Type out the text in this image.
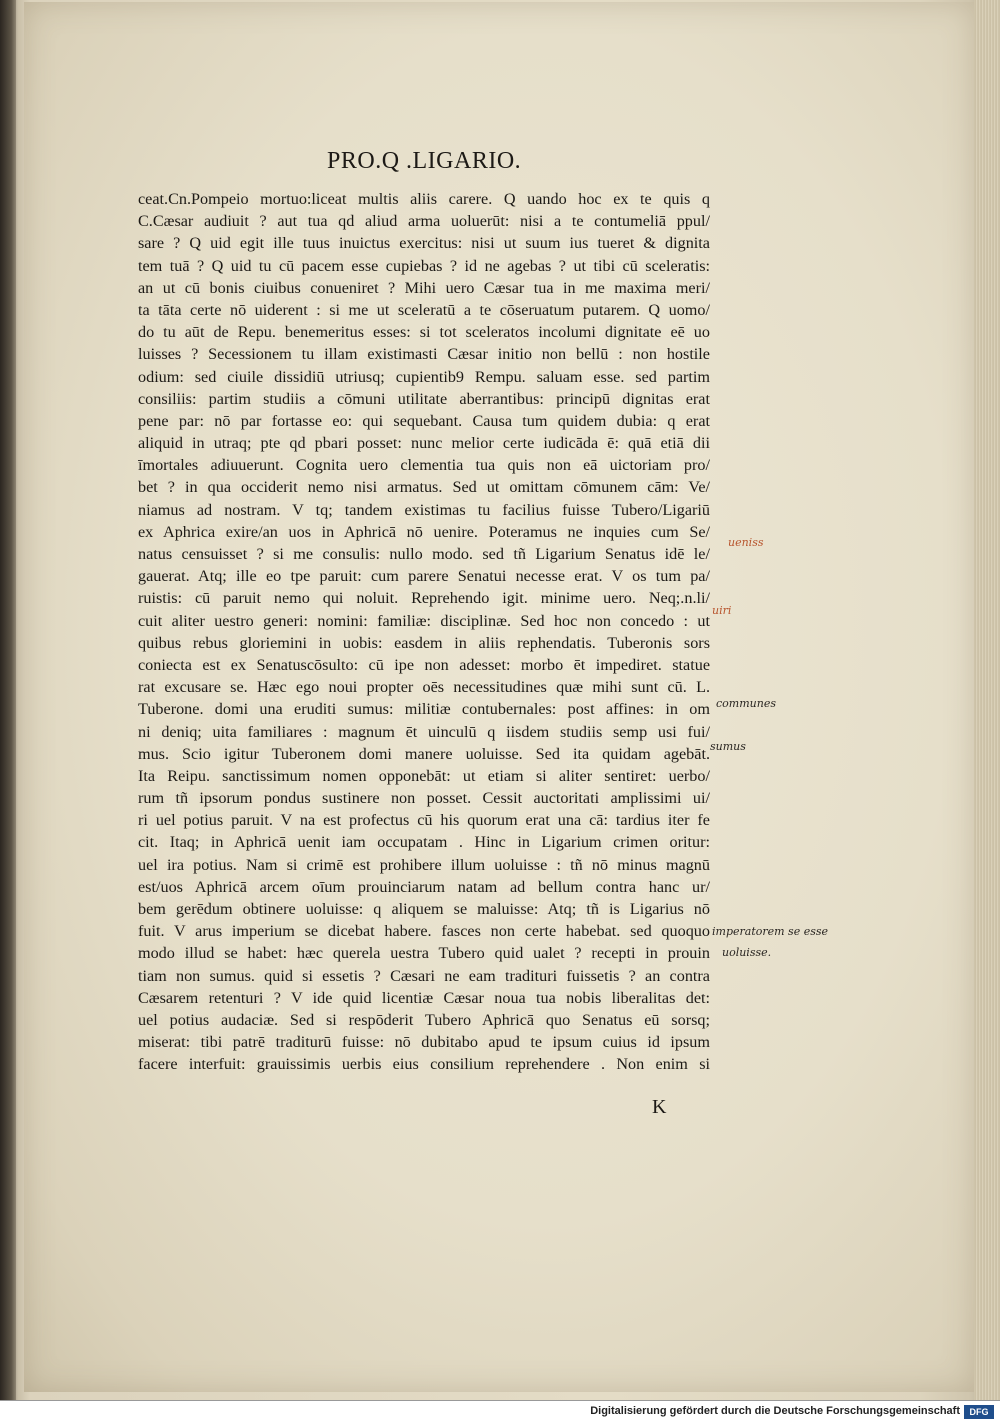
PRO.Q .LIGARIO.
ceat.Cn.Pompeio mortuo:liceat multis aliis carere. Q uando hoc ex te quis q
C.Cæsar audiuit ? aut tua qd aliud arma uoluerūt: nisi a te contumeliā ppul/
sare ? Q uid egit ille tuus inuictus exercitus: nisi ut suum ius tueret & dignita
tem tuā ? Q uid tu cū pacem esse cupiebas ? id ne agebas ? ut tibi cū sceleratis:
an ut cū bonis ciuibus conueniret ? Mihi uero Cæsar tua in me maxima meri/
ta tāta certe nō uiderent : si me ut sceleratū a te cōseruatum putarem. Q uomo/
do tu aūt de Repu. benemeritus esses: si tot sceleratos incolumi dignitate eē uo
luisses ? Secessionem tu illam existimasti Cæsar initio non bellū : non hostile
odium: sed ciuile dissidiū utriusq; cupientib9 Rempu. saluam esse. sed partim
consiliis: partim studiis a cōmuni utilitate aberrantibus: principū dignitas erat
pene par: nō par fortasse eo: qui sequebant. Causa tum quidem dubia: q erat
aliquid in utraq; pte qd pbari posset: nunc melior certe iudicāda ē: quā etiā dii
īmortales adiuuerunt. Cognita uero clementia tua quis non eā uictoriam pro/
bet ? in qua occiderit nemo nisi armatus. Sed ut omittam cōmunem cām: Ve/
niamus ad nostram. V tq; tandem existimas tu facilius fuisse Tubero/Ligariū
ex Aphrica exire/an uos in Aphricā nō uenire. Poteramus ne inquies cum Se/
natus censuisset ? si me consulis: nullo modo. sed tñ Ligarium Senatus idē le/
gauerat. Atq; ille eo tpe paruit: cum parere Senatui necesse erat. V os tum pa/
ruistis: cū paruit nemo qui noluit. Reprehendo igit. minime uero. Neq;.n.li/
cuit aliter uestro generi: nomini: familiæ: disciplinæ. Sed hoc non concedo : ut
quibus rebus gloriemini in uobis: easdem in aliis rephendatis. Tuberonis sors
coniecta est ex Senatuscōsulto: cū ipe non adesset: morbo ēt impediret. statue
rat excusare se. Hæc ego noui propter oēs necessitudines quæ mihi sunt cū. L.
Tuberone. domi una eruditi sumus: militiæ contubernales: post affines: in om
ni deniq; uita familiares : magnum ēt uinculū q iisdem studiis semp usi fui/
mus. Scio igitur Tuberonem domi manere uoluisse. Sed ita quidam agebāt.
Ita Reipu. sanctissimum nomen opponebāt: ut etiam si aliter sentiret: uerbo/
rum tñ ipsorum pondus sustinere non posset. Cessit auctoritati amplissimi ui/
ri uel potius paruit. V na est profectus cū his quorum erat una cā: tardius iter fe
cit. Itaq; in Aphricā uenit iam occupatam . Hinc in Ligarium crimen oritur:
uel ira potius. Nam si crimē est prohibere illum uoluisse : tñ nō minus magnū
est/uos Aphricā arcem oīum prouinciarum natam ad bellum contra hanc ur/
bem gerēdum obtinere uoluisse: q aliquem se maluisse: Atq; tñ is Ligarius nō
fuit. V arus imperium se dicebat habere. fasces non certe habebat. sed quoquo
modo illud se habet: hæc querela uestra Tubero quid ualet ? recepti in prouin
tiam non sumus. quid si essetis ? Cæsari ne eam tradituri fuissetis ? an contra
Cæsarem retenturi ? V ide quid licentiæ Cæsar noua tua nobis liberalitas det:
uel potius audaciæ. Sed si respōderit Tubero Aphricā quo Senatus eū sorsq;
miserat: tibi patrē traditurū fuisse: nō dubitabo apud te ipsum cuius id ipsum
facere interfuit: grauissimis uerbis eius consilium reprehendere . Non enim si
K
ueniss
uiri
communes
sumus
imperatorem se esse
uoluisse.
Digitalisierung gefördert durch die Deutsche Forschungsgemeinschaft	DFG
